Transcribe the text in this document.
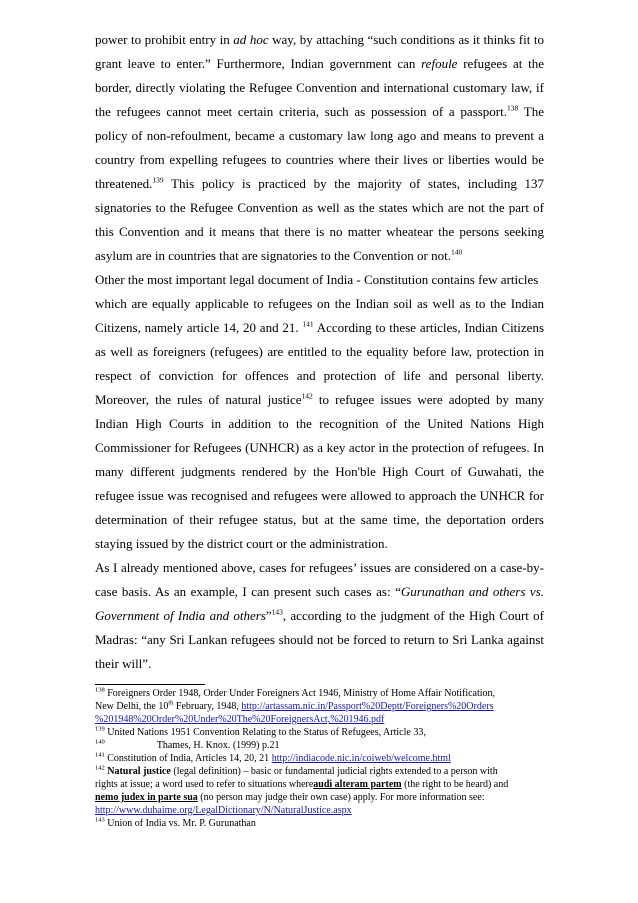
power to prohibit entry in ad hoc way, by attaching “such conditions as it thinks fit to
grant leave to enter.” Furthermore, Indian government can refoule refugees at the
border, directly violating the Refugee Convention and international customary law, if
the refugees cannot meet certain criteria, such as possession of a passport.$^{138}$ The
policy of non-refoulment, became a customary law long ago and means to prevent a
country from expelling refugees to countries where their lives or liberties would be
threatened.$^{139}$ This policy is practiced by the majority of states, including 137
signatories to the Refugee Convention as well as the states which are not the part of
this Convention and it means that there is no matter wheatear the persons seeking
asylum are in countries that are signatories to the Convention or not.$^{140}$
Other the most important legal document of India - Constitution contains few articles
which are equally applicable to refugees on the Indian soil as well as to the Indian
Citizens, namely article 14, 20 and 21. $^{141}$ According to these articles, Indian Citizens
as well as foreigners (refugees) are entitled to the equality before law, protection in
respect of conviction for offences and protection of life and personal liberty.
Moreover, the rules of natural justice$^{142}$ to refugee issues were adopted by many
Indian High Courts in addition to the recognition of the United Nations High
Commissioner for Refugees (UNHCR) as a key actor in the protection of refugees. In
many different judgments rendered by the Hon'ble High Court of Guwahati, the
refugee issue was recognised and refugees were allowed to approach the UNHCR for
determination of their refugee status, but at the same time, the deportation orders
staying issued by the district court or the administration.
As I already mentioned above, cases for refugees’ issues are considered on a case-by-
case basis. As an example, I can present such cases as: “Gurunathan and others vs.
Government of India and others”$^{143}$, according to the judgment of the High Court of
Madras: “any Sri Lankan refugees should not be forced to return to Sri Lanka against
their will”.
$^{138}$ Foreigners Order 1948, Order Under Foreigners Act 1946, Ministry of Home Affair Notification,
New Delhi, the 10th February, 1948, http://artassam.nic.in/Passport%20Deptt/Foreigners%20Orders
%201948%20Order%20Under%20The%20ForeignersAct,%201946.pdf
$^{139}$ United Nations 1951 Convention Relating to the Status of Refugees, Article 33,
$^{140}$	Thames, H. Knox. (1999) p.21
$^{141}$ Constitution of India, Articles 14, 20, 21 http://indiacode.nic.in/coiweb/welcome.html
$^{142}$ Natural justice (legal definition) – basic or fundamental judicial rights extended to a person with
rights at issue; a word used to refer to situations whereaudi alteram partem (the right to be heard) and
nemo judex in parte sua (no person may judge their own case) apply. For more information see:
http://www.duhaime.org/LegalDictionary/N/NaturalJustice.aspx
$^{143}$ Union of India vs. Mr. P. Gurunathan
